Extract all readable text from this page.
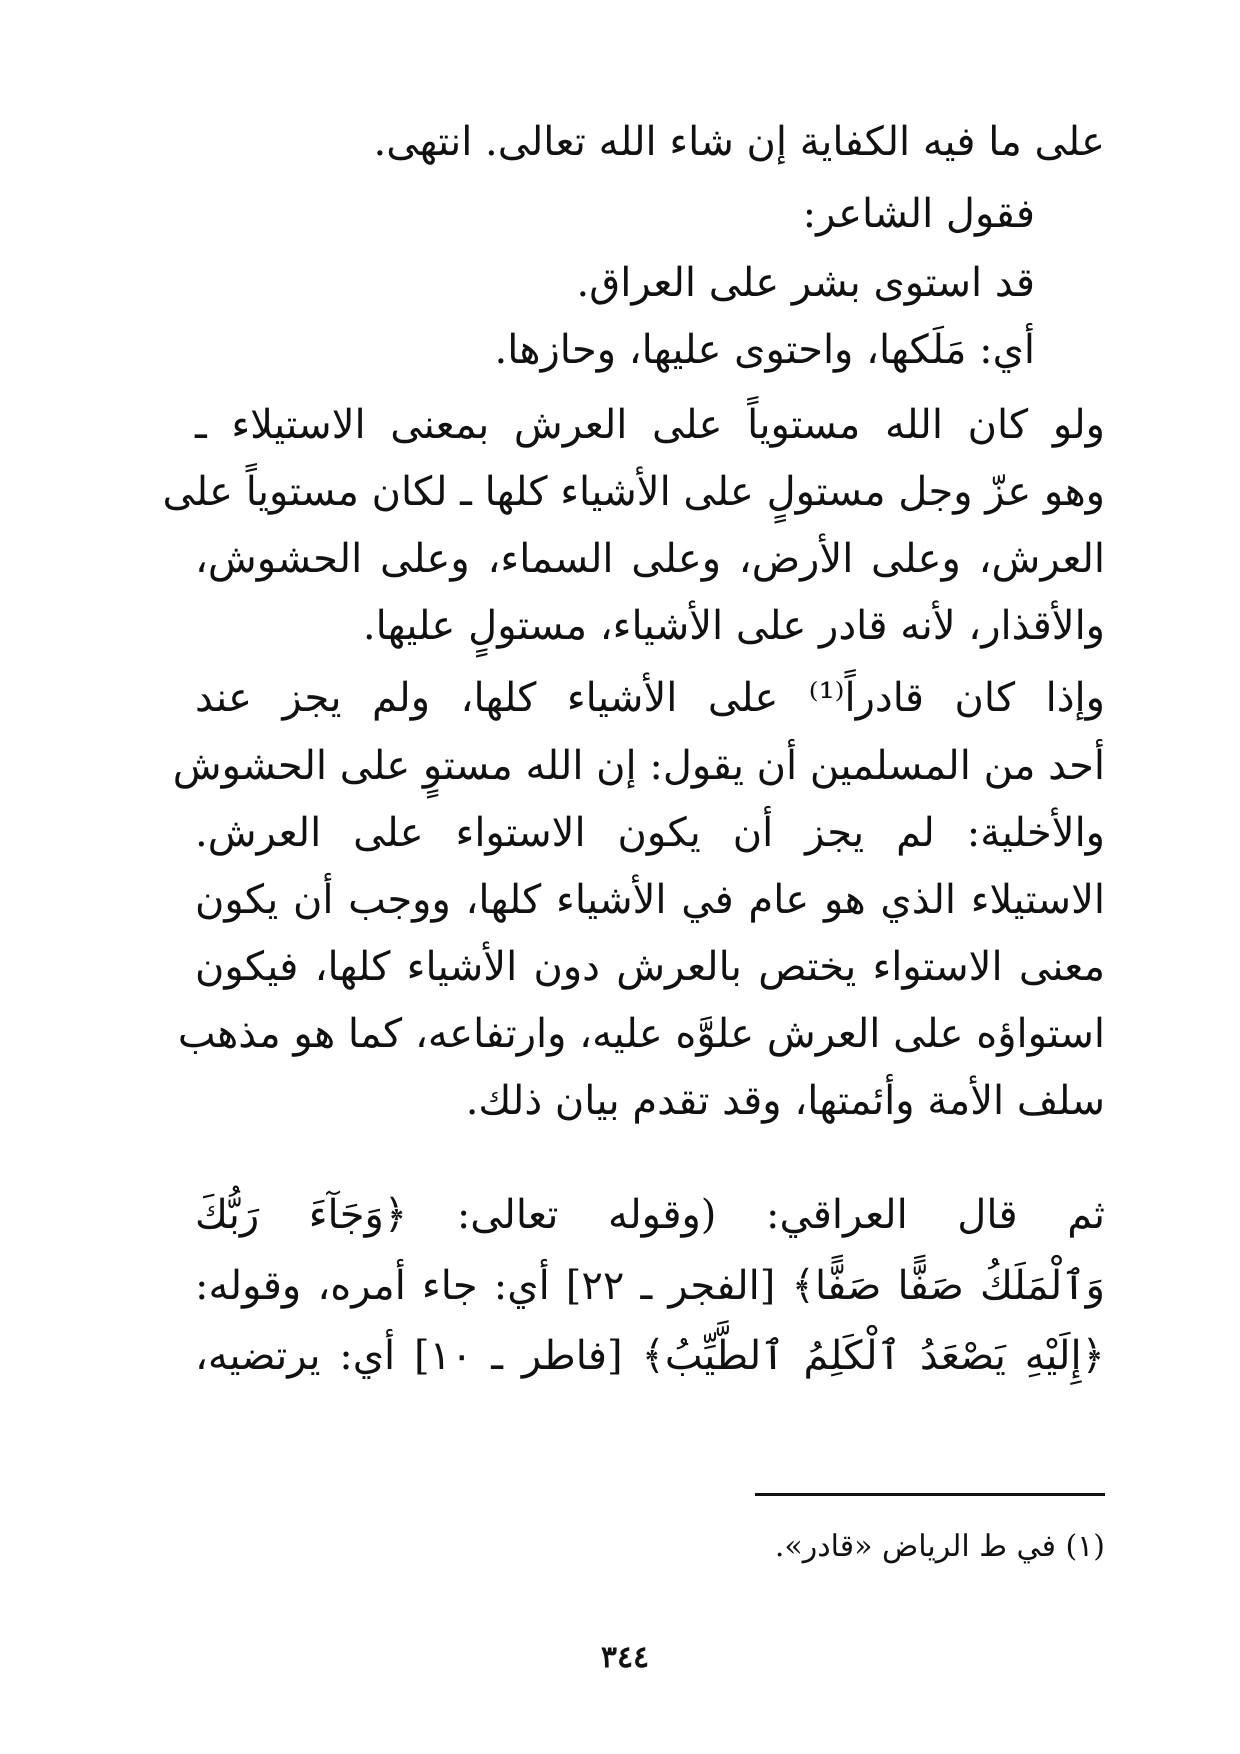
على ما فيه الكفاية إن شاء الله تعالى. انتهى.
فقول الشاعر:
قد استوى بشر على العراق.
أي: مَلَكها، واحتوى عليها، وحازها.
ولو كان الله مستوياً على العرش بمعنى الاستيلاء ـ
وهو عزّ وجل مستولٍ على الأشياء كلها ـ لكان مستوياً على
العرش، وعلى الأرض، وعلى السماء، وعلى الحشوش،
والأقذار، لأنه قادر على الأشياء، مستولٍ عليها.
وإذا كان قادراً⁽¹⁾ على الأشياء كلها، ولم يجز عند
أحد من المسلمين أن يقول: إن الله مستوٍ على الحشوش
والأخلية: لم يجز أن يكون الاستواء على العرش.
الاستيلاء الذي هو عام في الأشياء كلها، ووجب أن يكون
معنى الاستواء يختص بالعرش دون الأشياء كلها، فيكون
استواؤه على العرش علوَّه عليه، وارتفاعه، كما هو مذهب
سلف الأمة وأئمتها، وقد تقدم بيان ذلك.
ثم قال العراقي: (وقوله تعالى: ﴿وَجَآءَ رَبُّكَ
وَٱلْمَلَكُ صَفًّا صَفًّا﴾ [الفجر ـ ٢٢] أي: جاء أمره، وقوله:
﴿إِلَيْهِ يَصْعَدُ ٱلْكَلِمُ ٱلطَّيِّبُ﴾ [فاطر ـ ١٠] أي: يرتضيه،
(١) في ط الرياض «قادر».
٣٤٤
